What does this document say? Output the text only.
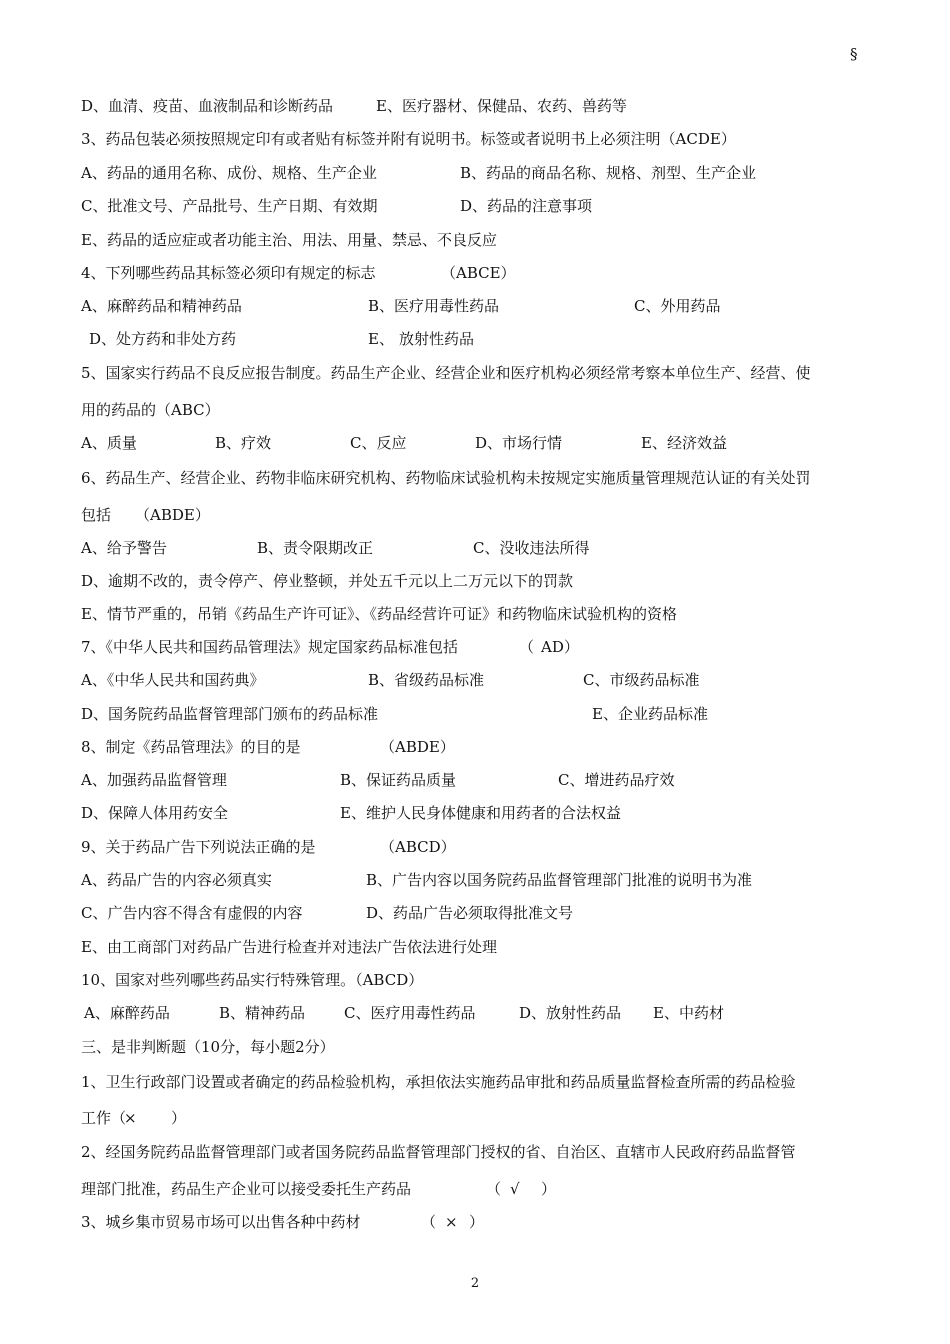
§
D、血清、疫苗、血液制品和诊断药品	E、医疗器材、保健品、农药、兽药等
3、药品包装必须按照规定印有或者贴有标签并附有说明书。标签或者说明书上必须注明（ACDE）
A、药品的通用名称、成份、规格、生产企业	B、药品的商品名称、规格、剂型、生产企业
C、批准文号、产品批号、生产日期、有效期	D、药品的注意事项
E、药品的适应症或者功能主治、用法、用量、禁忌、不良反应
4、下列哪些药品其标签必须印有规定的标志	（ABCE）
A、麻醉药品和精神药品	B、医疗用毒性药品	C、外用药品
D、处方药和非处方药	E、 放射性药品
5、国家实行药品不良反应报告制度。药品生产企业、经营企业和医疗机构必须经常考察本单位生产、经营、使
用的药品的（ABC）
A、质量	B、疗效	C、反应	D、市场行情	E、经济效益
6、药品生产、经营企业、药物非临床研究机构、药物临床试验机构未按规定实施质量管理规范认证的有关处罚
包括 （ABDE）
A、给予警告	B、责令限期改正	C、没收违法所得
D、逾期不改的，责令停产、停业整顿，并处五千元以上二万元以下的罚款
E、情节严重的，吊销《药品生产许可证》、《药品经营许可证》和药物临床试验机构的资格
7、《中华人民共和国药品管理法》规定国家药品标准包括	（ AD ）
A、《中华人民共和国药典》	B、省级药品标准	C、市级药品标准
D、国务院药品监督管理部门颁布的药品标准	E、企业药品标准
8、制定《药品管理法》的目的是	（ABDE）
A、加强药品监督管理	B、保证药品质量	C、增进药品疗效
D、保障人体用药安全	E、维护人民身体健康和用药者的合法权益
9、关于药品广告下列说法正确的是	（ABCD）
A、药品广告的内容必须真实	B、广告内容以国务院药品监督管理部门批准的说明书为准
C、广告内容不得含有虚假的内容	D、药品广告必须取得批准文号
E、由工商部门对药品广告进行检查并对违法广告依法进行处理
10、国家对些列哪些药品实行特殊管理。（ABCD）
A、麻醉药品	B、精神药品	C、医疗用毒性药品	D、放射性药品 E、中药材
三、是非判断题（10分，每小题2分）
1、卫生行政部门设置或者确定的药品检验机构，承担依法实施药品审批和药品质量监督检查所需的药品检验
工作（
× ）
2、经国务院药品监督管理部门或者国务院药品监督管理部门授权的省、自治区、直辖市人民政府药品监督管
理部门批准，药品生产企业可以接受委托生产药品	（ √ ）
3、城乡集市贸易市场可以出售各种中药材	（ × ）
2
